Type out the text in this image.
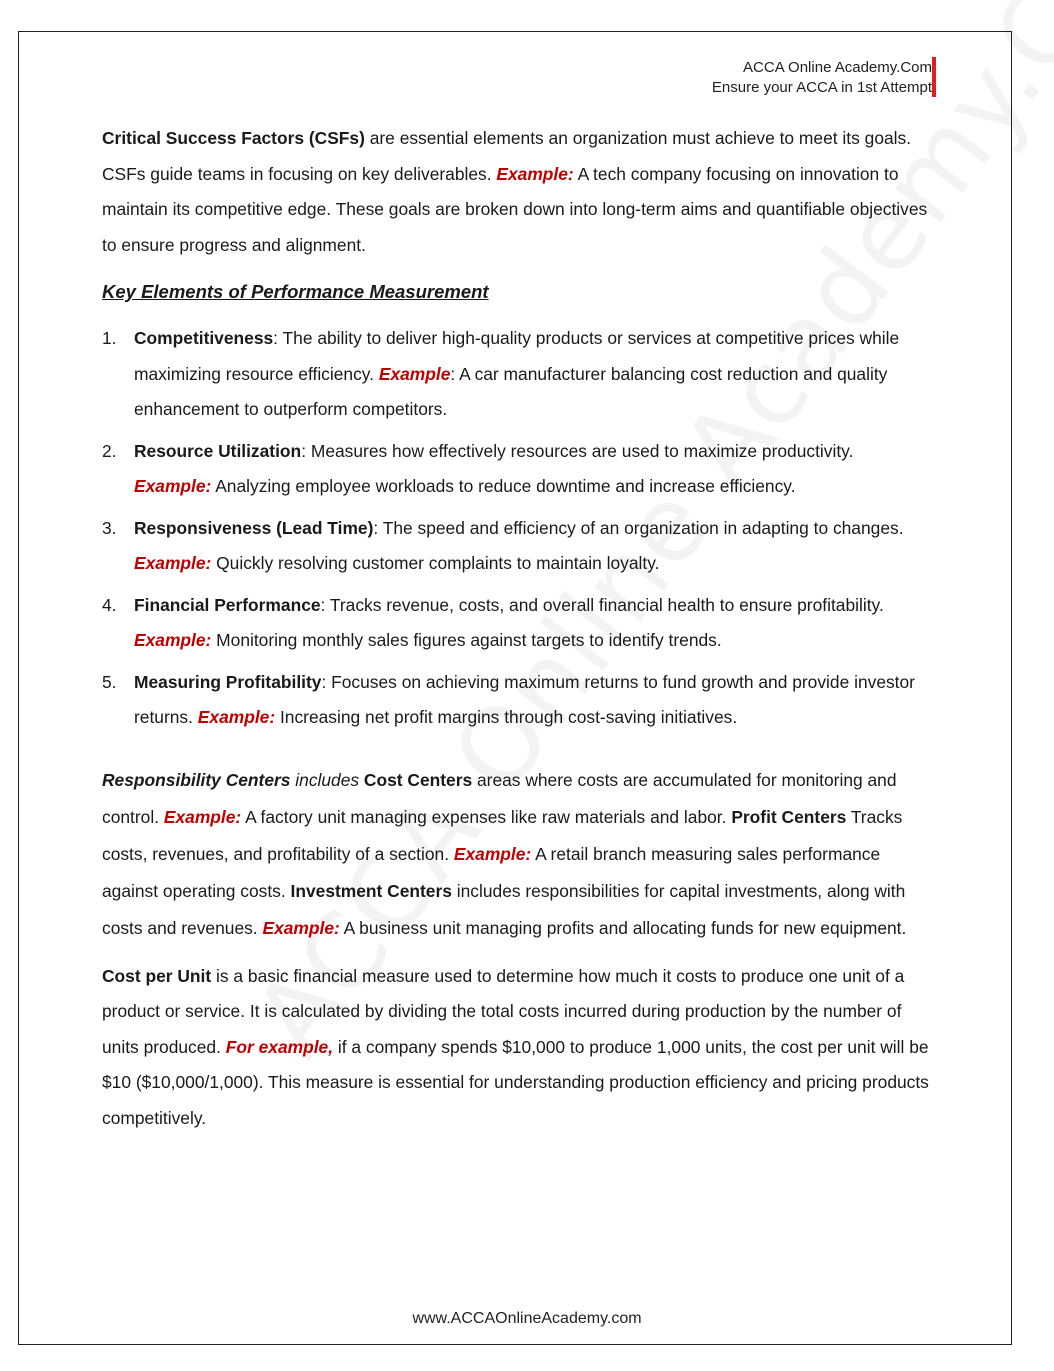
ACCA Online Academy.Com
Ensure your ACCA in 1st Attempt

Critical Success Factors (CSFs) are essential elements an organization must achieve to meet its goals. CSFs guide teams in focusing on key deliverables. Example: A tech company focusing on innovation to maintain its competitive edge. These goals are broken down into long-term aims and quantifiable objectives to ensure progress and alignment.

Key Elements of Performance Measurement
1. Competitiveness: The ability to deliver high-quality products or services at competitive prices while maximizing resource efficiency. Example: A car manufacturer balancing cost reduction and quality enhancement to outperform competitors.
2. Resource Utilization: Measures how effectively resources are used to maximize productivity. Example: Analyzing employee workloads to reduce downtime and increase efficiency.
3. Responsiveness (Lead Time): The speed and efficiency of an organization in adapting to changes. Example: Quickly resolving customer complaints to maintain loyalty.
4. Financial Performance: Tracks revenue, costs, and overall financial health to ensure profitability. Example: Monitoring monthly sales figures against targets to identify trends.
5. Measuring Profitability: Focuses on achieving maximum returns to fund growth and provide investor returns. Example: Increasing net profit margins through cost-saving initiatives.

Responsibility Centers includes Cost Centers areas where costs are accumulated for monitoring and control. Example: A factory unit managing expenses like raw materials and labor. Profit Centers Tracks costs, revenues, and profitability of a section. Example: A retail branch measuring sales performance against operating costs. Investment Centers includes responsibilities for capital investments, along with costs and revenues. Example: A business unit managing profits and allocating funds for new equipment.

Cost per Unit is a basic financial measure used to determine how much it costs to produce one unit of a product or service. It is calculated by dividing the total costs incurred during production by the number of units produced. For example, if a company spends $10,000 to produce 1,000 units, the cost per unit will be $10 ($10,000/1,000). This measure is essential for understanding production efficiency and pricing products competitively.

www.ACCAOnlineAcademy.com
